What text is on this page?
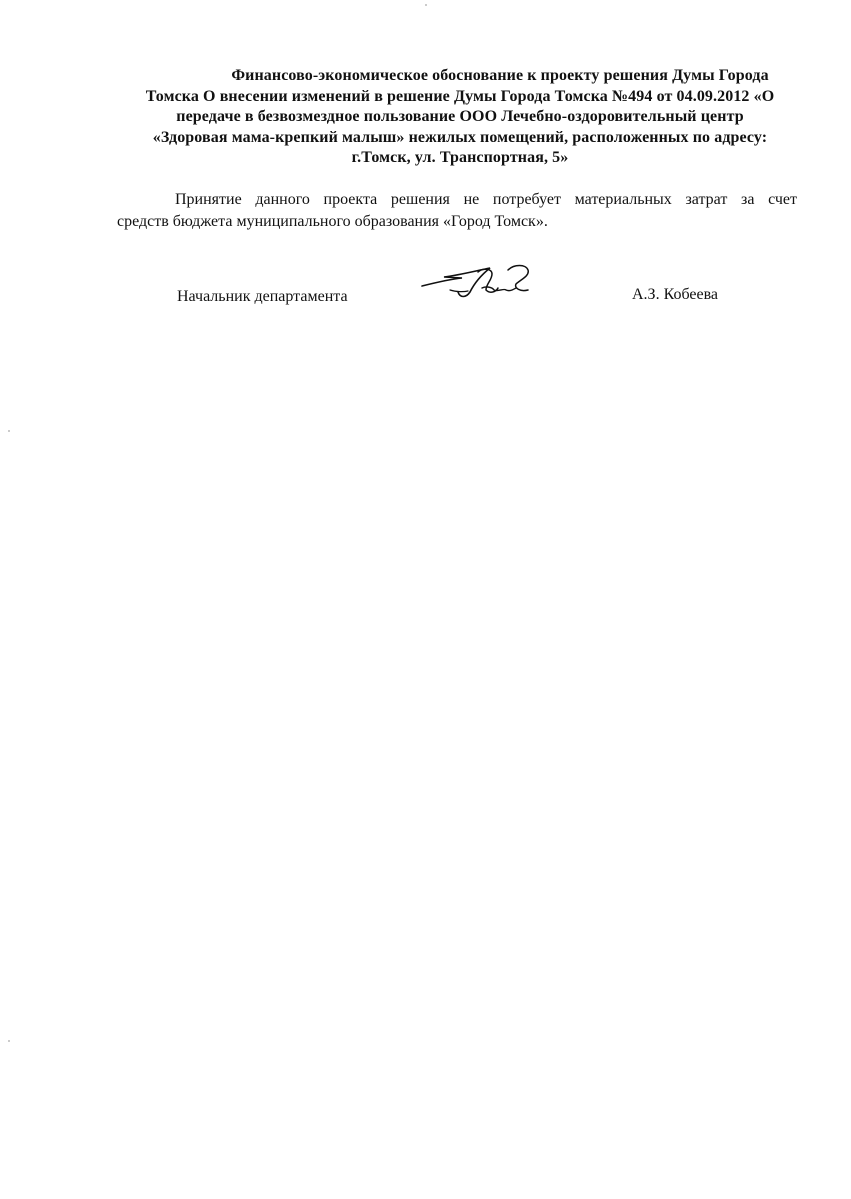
Финансово-экономическое обоснование к проекту решения Думы Города
Томска О внесении изменений в решение Думы Города Томска №494 от 04.09.2012 «О
передаче в безвозмездное пользование ООО Лечебно-оздоровительный центр
«Здоровая мама-крепкий малыш» нежилых помещений, расположенных по адресу:
г.Томск, ул. Транспортная, 5»
Принятие данного проекта решения не потребует материальных затрат за счет
средств бюджета муниципального образования «Город Томск».
Начальник департамента	А.З. Кобеева
